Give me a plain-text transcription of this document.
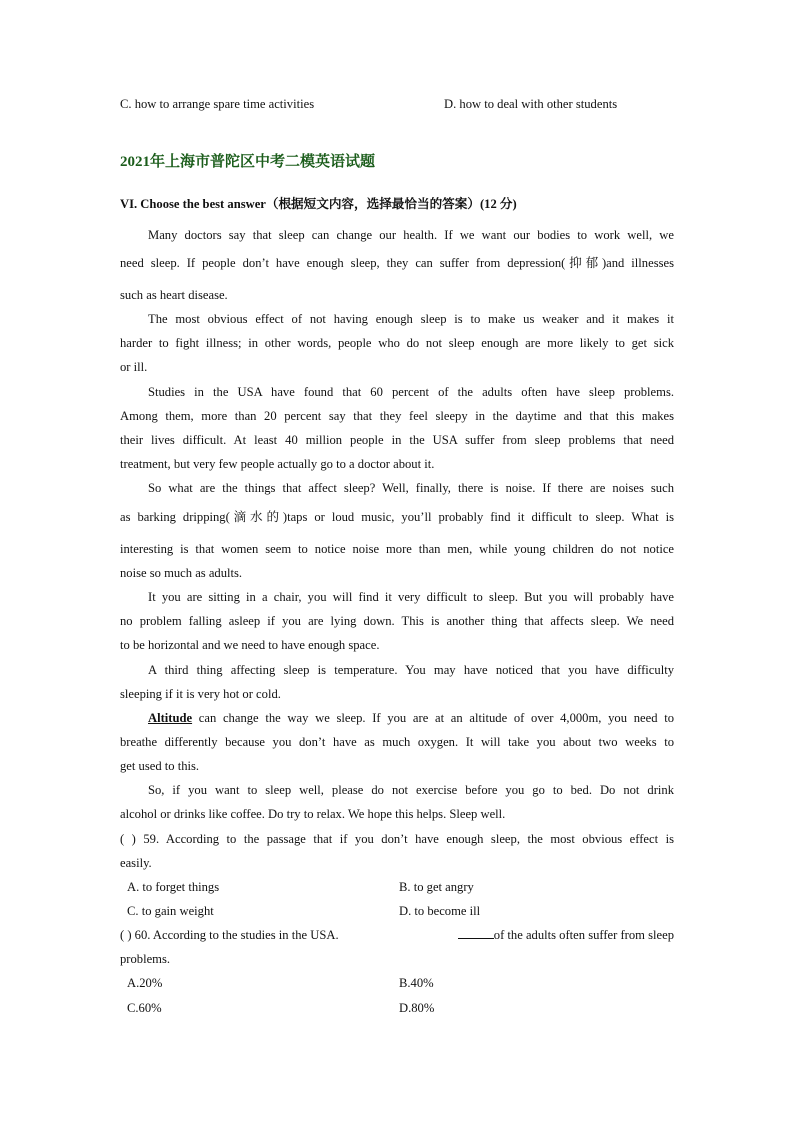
C. how to arrange spare time activities	D. how to deal with other students
2021年上海市普陀区中考二模英语试题
VI. Choose the best answer（根据短文内容，选择最恰当的答案）(12 分)
Many doctors say that sleep can change our health. If we want our bodies to work well, we
need sleep. If people don’t have enough sleep, they can suffer from depression(抑郁)and illnesses
such as heart disease.
The most obvious effect of not having enough sleep is to make us weaker and it makes it
harder to fight illness; in other words, people who do not sleep enough are more likely to get sick
or ill.
Studies in the USA have found that 60 percent of the adults often have sleep problems.
Among them, more than 20 percent say that they feel sleepy in the daytime and that this makes
their lives difficult. At least 40 million people in the USA suffer from sleep problems that need
treatment, but very few people actually go to a doctor about it.
So what are the things that affect sleep? Well, finally, there is noise. If there are noises such
as barking dripping(滴水的)taps or loud music, you’ll probably find it difficult to sleep. What is
interesting is that women seem to notice noise more than men, while young children do not notice
noise so much as adults.
It you are sitting in a chair, you will find it very difficult to sleep. But you will probably have
no problem falling asleep if you are lying down. This is another thing that affects sleep. We need
to be horizontal and we need to have enough space.
A third thing affecting sleep is temperature. You may have noticed that you have difficulty
sleeping if it is very hot or cold.
Altitude can change the way we sleep. If you are at an altitude of over 4,000m, you need to
breathe differently because you don’t have as much oxygen. It will take you about two weeks to
get used to this.
So, if you want to sleep well, please do not exercise before you go to bed. Do not drink
alcohol or drinks like coffee. Do try to relax. We hope this helps. Sleep well.
( ) 59. According to the passage that if you don’t have enough sleep, the most obvious effect is
easily.
A. to forget things	B. to get angry
C. to gain weight	D. to become ill
( ) 60. According to the studies in the USA.	of the adults often suffer from sleep
problems.
A.20%	B.40%
C.60%	D.80%
